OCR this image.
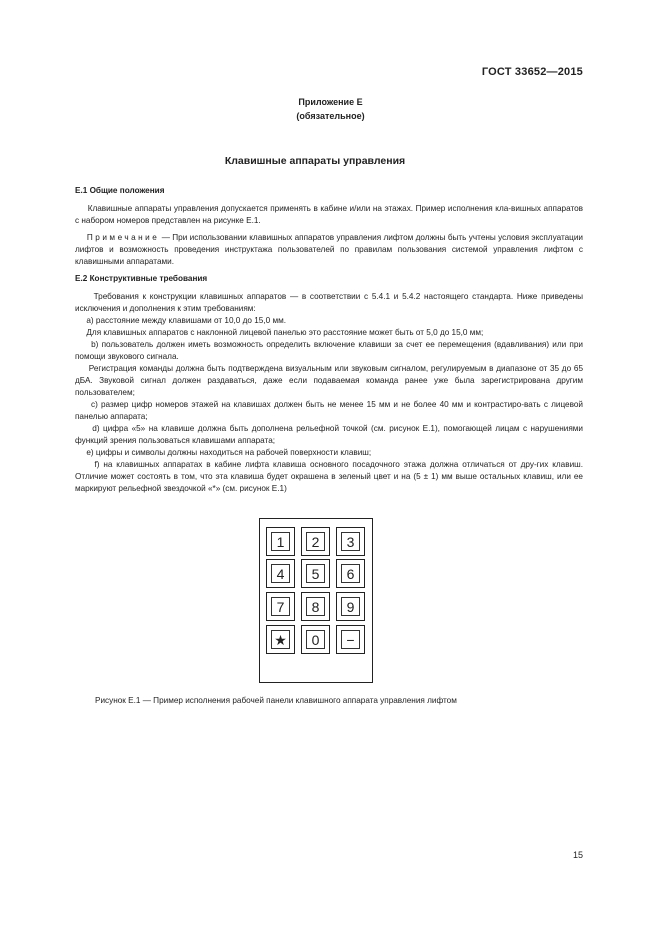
ГОСТ 33652—2015
Приложение Е
(обязательное)
Клавишные аппараты управления

Е.1 Общие положения

Клавишные аппараты управления допускается применять в кабине и/или на этажах. Пример исполнения кла-вишных аппаратов с набором номеров представлен на рисунке Е.1.

Примечание — При использовании клавишных аппаратов управления лифтом должны быть учтены условия эксплуатации лифтов и возможность проведения инструктажа пользователей по правилам пользования системой управления лифтом с клавишными аппаратами.

Е.2 Конструктивные требования

Требования к конструкции клавишных аппаратов — в соответствии с 5.4.1 и 5.4.2 настоящего стандарта. Ниже приведены исключения и дополнения к этим требованиям:

а) расстояние между клавишами от 10,0 до 15,0 мм.

Для клавишных аппаратов с наклонной лицевой панелью это расстояние может быть от 5,0 до 15,0 мм;

b) пользователь должен иметь возможность определить включение клавиши за счет ее перемещения (вдавливания) или при помощи звукового сигнала.

Регистрация команды должна быть подтверждена визуальным или звуковым сигналом, регулируемым в диапазоне от 35 до 65 дБА. Звуковой сигнал должен раздаваться, даже если подаваемая команда ранее уже была зарегистрирована другим пользователем;

с) размер цифр номеров этажей на клавишах должен быть не менее 15 мм и не более 40 мм и контрастиро-вать с лицевой панелью аппарата;

d) цифра «5» на клавише должна быть дополнена рельефной точкой (см. рисунок Е.1), помогающей лицам с нарушениями функций зрения пользоваться клавишами аппарата;

е) цифры и символы должны находиться на рабочей поверхности клавиш;

f) на клавишных аппаратах в кабине лифта клавиша основного посадочного этажа должна отличаться от дру-гих клавиш. Отличие может состоять в том, что эта клавиша будет окрашена в зеленый цвет и на (5 ± 1) мм выше остальных клавиш, или ее маркируют рельефной звездочкой «*» (см. рисунок Е.1)

1	2	3
4	5	6
7	8	9
★	0	−
Рисунок Е.1 — Пример исполнения рабочей панели клавишного аппарата управления лифтом
15
